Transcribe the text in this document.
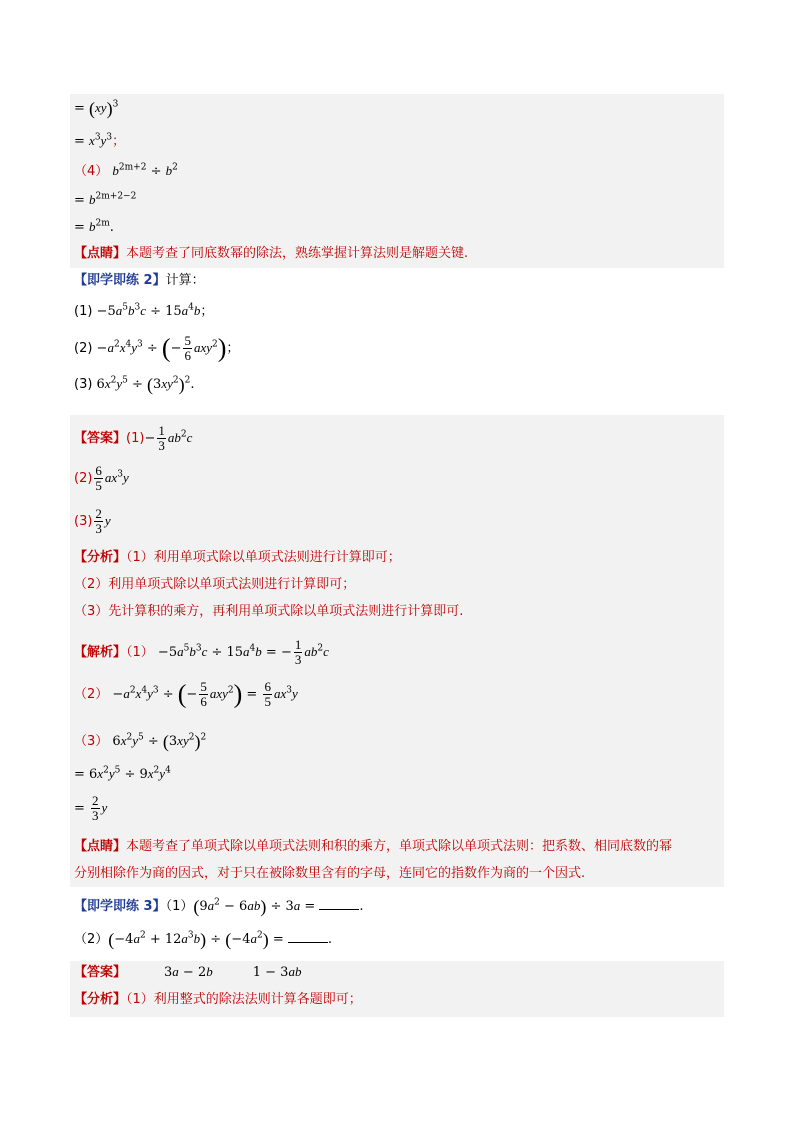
= (xy)$^3$
= $x^3y^3$；
（4） $b^{2m+2} \div b^2$
= $b^{2m+2-2}$
= $b^{2m}$.
【点睛】本题考查了同底数幂的除法，熟练掌握计算法则是解题关键.
【即学即练 2】计算：
$(1) -5a^5b^3c \div 15a^4b$；
$(2) -a^2x^4y^3$ ÷ (− $\frac{5}{6} axy^2$)；
(3) $6x^2y^5 \div (3xy^2)^2$.
【答案】$(1)- \frac{1}{3} ab^2c$
$(2) \frac{6}{5} ax^3y$
$(3) \frac{2}{3}$ y
【分析】（1）利用单项式除以单项式法则进行计算即可；
（2）利用单项式除以单项式法则进行计算即可；
（3）先计算积的乘方，再利用单项式除以单项式法则进行计算即可.
【解析】$(1) -5a^5b^3c \div 15a^4b$ = − $\frac{1}{3} ab^2c$
$(2) -a^2x^4y^3$ ÷ (− $\frac{5}{6} axy^2) = \frac{6}{5} ax^3y$
（3） $6x^2y^5 \div (3xy^2)^2$
= $6x^2y^5 \div 9x^2y^4$
= $\frac{2}{3}$ y
【点睛】本题考查了单项式除以单项式法则和积的乘方，单项式除以单项式法则：把系数、相同底数的幂
分别相除作为商的因式，对于只在被除数里含有的字母，连同它的指数作为商的一个因式.
【即学即练 3】$(1)(9a^2 - 6ab) \div 3a$ =	.
$(2)(-4a^2 + 12a^3b) \div (-4a^2)$ =	.
【答案】	3a − 2b	1 − 3ab
【分析】（1）利用整式的除法法则计算各题即可；
